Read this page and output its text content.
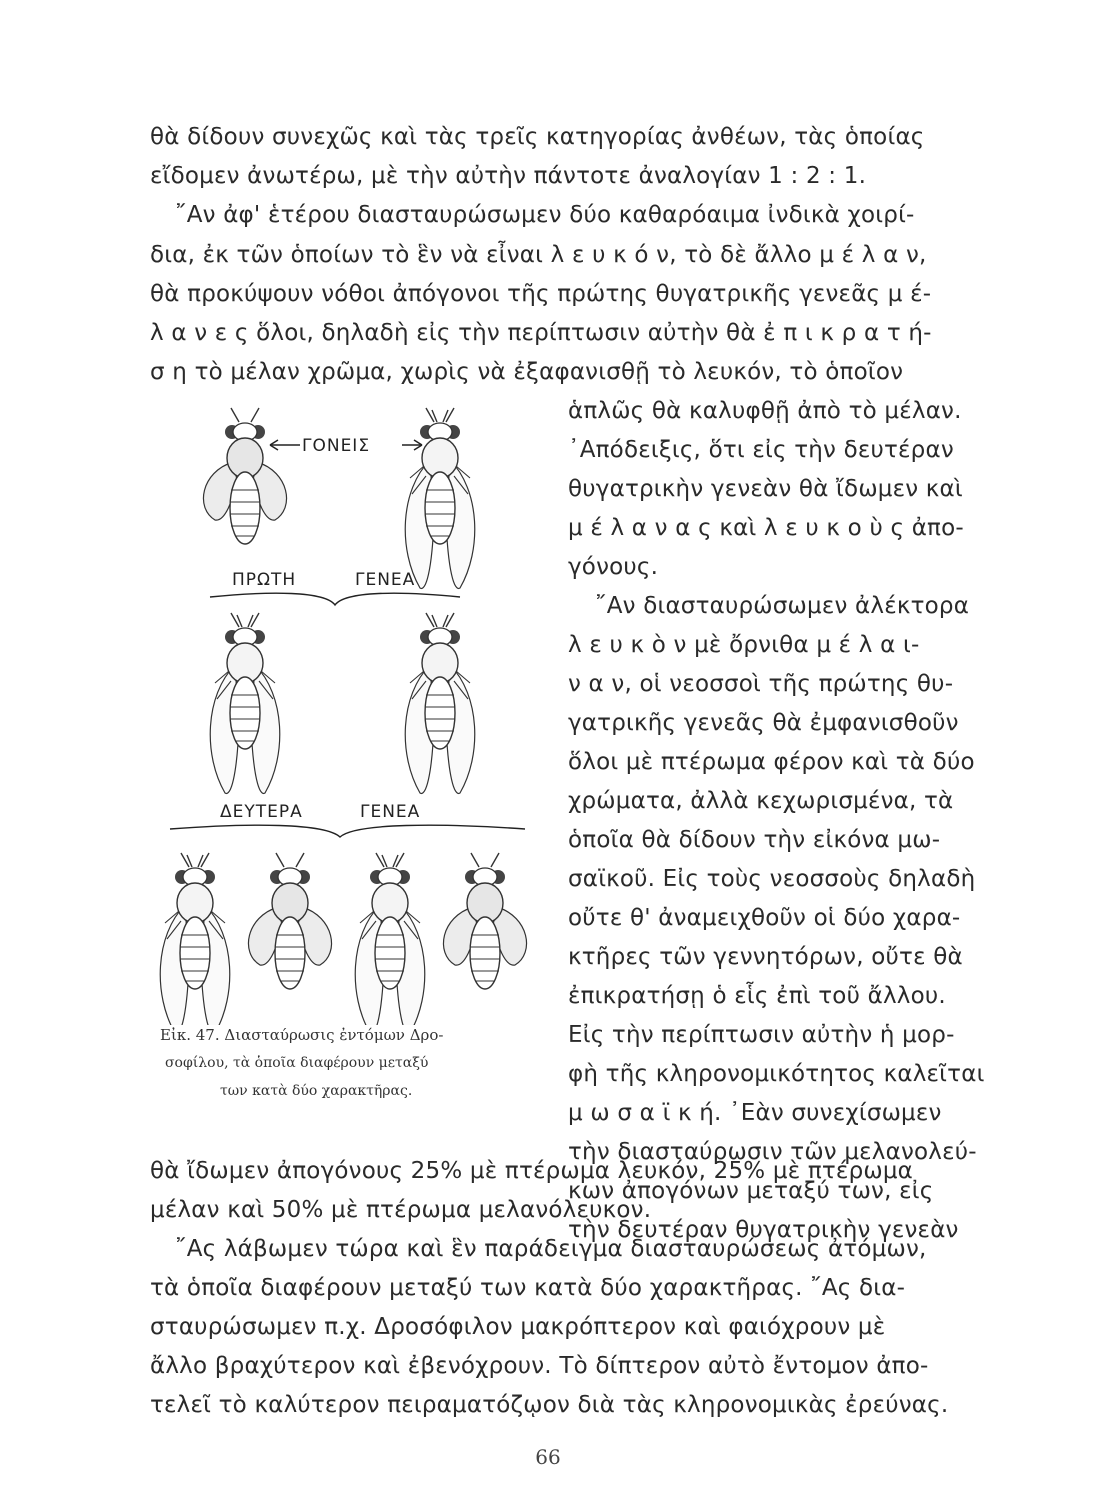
θὰ δίδουν συνεχῶς καὶ τὰς τρεῖς κατηγορίας ἀνθέων, τὰς ὁποίας
εἴδομεν ἀνωτέρω, μὲ τὴν αὐτὴν πάντοτε ἀναλογίαν 1 : 2 : 1.
῎Αν ἀφ' ἑτέρου διασταυρώσωμεν δύο καθαρόαιμα ἰνδικὰ χοιρί-
δια, ἐκ τῶν ὁποίων τὸ ἓν νὰ εἶναι λ ε υ κ ό ν, τὸ δὲ ἄλλο μ έ λ α ν,
θὰ προκύψουν νόθοι ἀπόγονοι τῆς πρώτης θυγατρικῆς γενεᾶς μ έ-
λ α ν ε ς ὅλοι, δηλαδὴ εἰς τὴν περίπτωσιν αὐτὴν θὰ ἐ π ι κ ρ α τ ή-
σ η τὸ μέλαν χρῶμα, χωρὶς νὰ ἐξαφανισθῇ τὸ λευκόν, τὸ ὁποῖον
ἁπλῶς θὰ καλυφθῇ ἀπὸ τὸ μέλαν.
᾿Απόδειξις, ὅτι εἰς τὴν δευτέραν
θυγατρικὴν γενεὰν θὰ ἴδωμεν καὶ
μ έ λ α ν α ς καὶ λ ε υ κ ο ὺ ς ἀπο-
γόνους.
῎Αν διασταυρώσωμεν ἀλέκτορα
λ ε υ κ ὸ ν μὲ ὄρνιθα μ έ λ α ι-
ν α ν, οἱ νεοσσοὶ τῆς πρώτης θυ-
γατρικῆς γενεᾶς θὰ ἐμφανισθοῦν
ὅλοι μὲ πτέρωμα φέρον καὶ τὰ δύο
χρώματα, ἀλλὰ κεχωρισμένα, τὰ
ὁποῖα θὰ δίδουν τὴν εἰκόνα μω-
σαϊκοῦ. Εἰς τοὺς νεοσσοὺς δηλαδὴ
οὔτε θ' ἀναμειχθοῦν οἱ δύο χαρα-
κτῆρες τῶν γεννητόρων, οὔτε θὰ
ἐπικρατήσῃ ὁ εἷς ἐπὶ τοῦ ἄλλου.
Εἰς τὴν περίπτωσιν αὐτὴν ἡ μορ-
φὴ τῆς κληρονομικότητος καλεῖται
μ ω σ α ϊ κ ή. ᾿Εὰν συνεχίσωμεν
τὴν διασταύρωσιν τῶν μελανολεύ-
κων ἀπογόνων μεταξύ των, εἰς
τὴν δευτέραν θυγατρικὴν γενεὰν
ΓΟΝΕΙΣ
ΠΡΩΤΗ	ΓΕΝΕΑ
ΔΕΥΤΕΡΑ	ΓΕΝΕΑ
Εἰκ. 47. Διασταύρωσις ἐντόμων Δρο-
σοφίλου, τὰ ὁποῖα διαφέρουν μεταξύ
των κατὰ δύο χαρακτῆρας.
θὰ ἴδωμεν ἀπογόνους 25% μὲ πτέρωμα λευκόν, 25% μὲ πτέρωμα
μέλαν καὶ 50% μὲ πτέρωμα μελανόλευκον.
῎Ας λάβωμεν τώρα καὶ ἓν παράδειγμα διασταυρώσεως ἀτόμων,
τὰ ὁποῖα διαφέρουν μεταξύ των κατὰ δύο χαρακτῆρας. ῎Ας δια-
σταυρώσωμεν π.χ. Δροσόφιλον μακρόπτερον καὶ φαιόχρουν μὲ
ἄλλο βραχύτερον καὶ ἐβενόχρουν. Τὸ δίπτερον αὐτὸ ἔντομον ἀπο-
τελεῖ τὸ καλύτερον πειραματόζῳον διὰ τὰς κληρονομικὰς ἐρεύνας.
66
